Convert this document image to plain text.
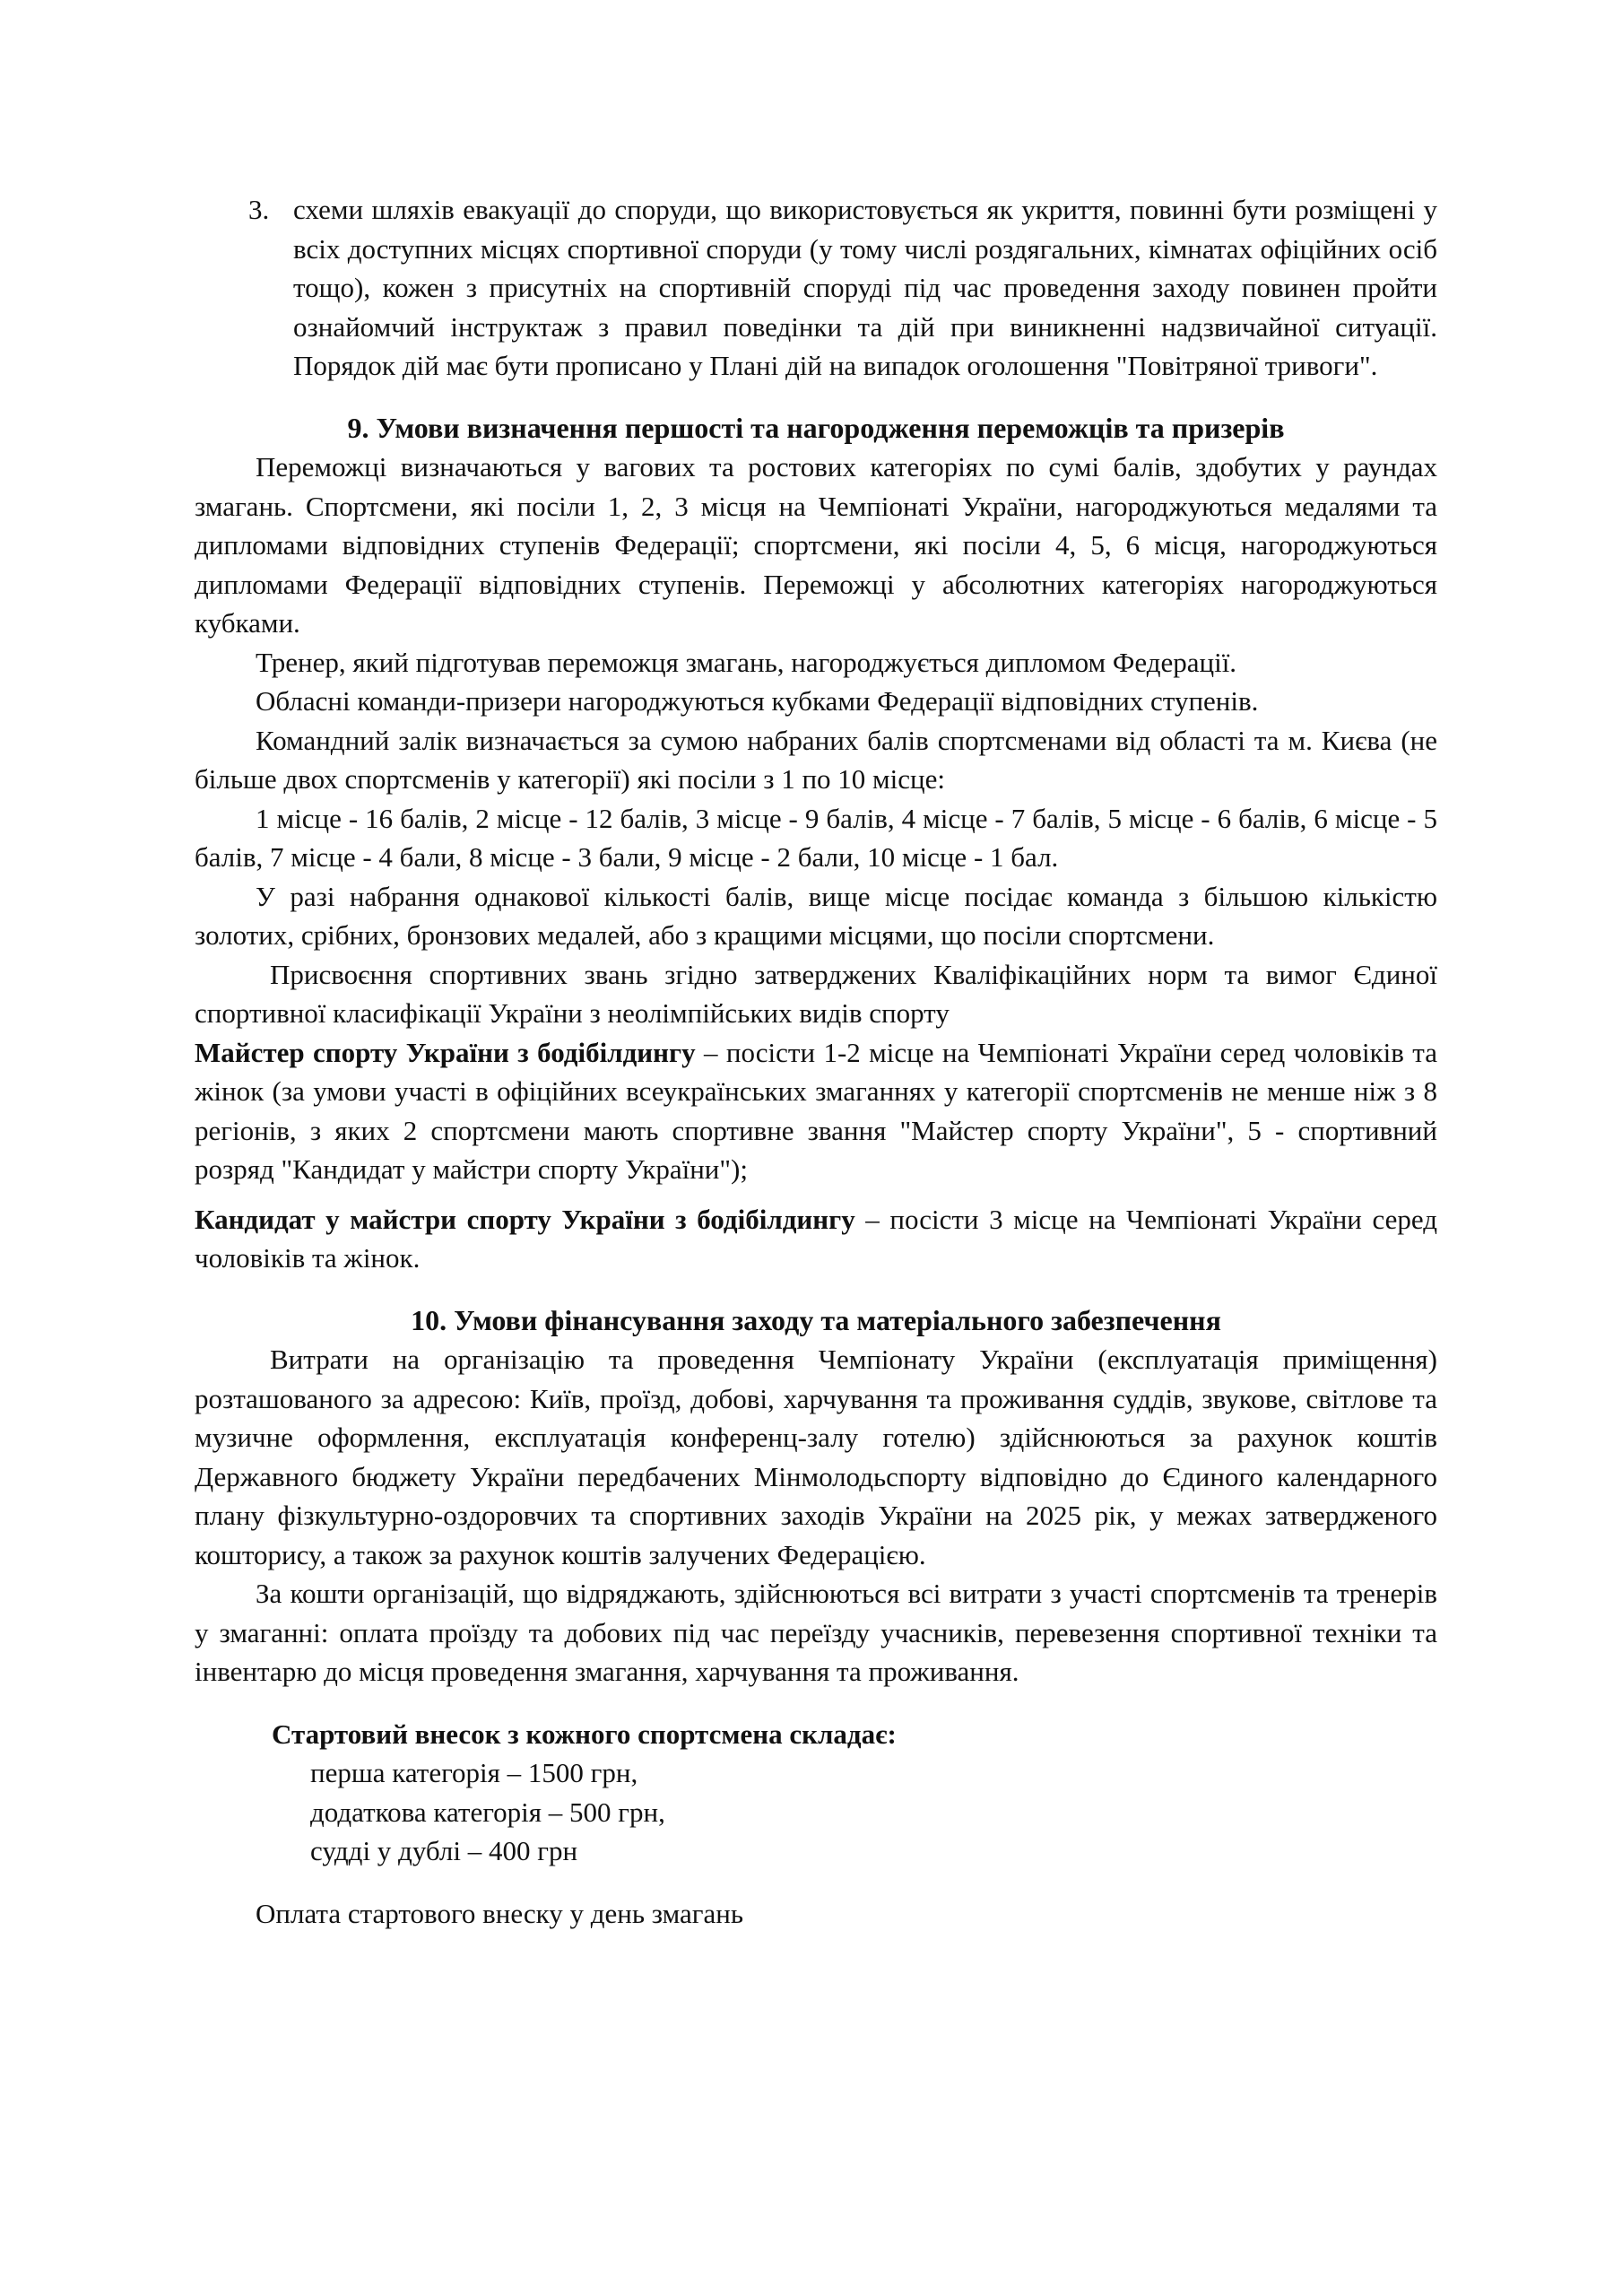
3. схеми шляхів евакуації до споруди, що використовується як укриття, повинні бути розміщені у всіх доступних місцях спортивної споруди (у тому числі роздягальних, кімнатах офіційних осіб тощо), кожен з присутніх на спортивній споруді під час проведення заходу повинен пройти ознайомчий інструктаж з правил поведінки та дій при виникненні надзвичайної ситуації. Порядок дій має бути прописано у Плані дій на випадок оголошення "Повітряної тривоги".

9. Умови визначення першості та нагородження переможців та призерів

Переможці визначаються у вагових та ростових категоріях по сумі балів, здобутих у раундах змагань. Спортсмени, які посіли 1, 2, 3 місця на Чемпіонаті України, нагороджуються медалями та дипломами відповідних ступенів Федерації; спортсмени, які посіли 4, 5, 6 місця, нагороджуються дипломами Федерації відповідних ступенів. Переможці у абсолютних категоріях нагороджуються кубками.

Тренер, який підготував переможця змагань, нагороджується дипломом Федерації.

Обласні команди-призери нагороджуються кубками Федерації відповідних ступенів.

Командний залік визначається за сумою набраних балів спортсменами від області та м. Києва (не більше двох спортсменів у категорії) які посіли з 1 по 10 місце:

1 місце - 16 балів, 2 місце - 12 балів, 3 місце - 9 балів, 4 місце - 7 балів, 5 місце - 6 балів, 6 місце - 5 балів, 7 місце - 4 бали, 8 місце - 3 бали, 9 місце - 2 бали, 10 місце - 1 бал.

У разі набрання однакової кількості балів, вище місце посідає команда з більшою кількістю золотих, срібних, бронзових медалей, або з кращими місцями, що посіли спортсмени.

Присвоєння спортивних звань згідно затверджених Кваліфікаційних норм та вимог Єдиної спортивної класифікації України з неолімпійських видів спорту

Майстер спорту України з бодібілдингу – посісти 1-2 місце на Чемпіонаті України серед чоловіків та жінок (за умови участі в офіційних всеукраїнських змаганнях у категорії спортсменів не менше ніж з 8 регіонів, з яких 2 спортсмени мають спортивне звання "Майстер спорту України", 5 - спортивний розряд "Кандидат у майстри спорту України");

Кандидат у майстри спорту України з бодібілдингу – посісти 3 місце на Чемпіонаті України серед чоловіків та жінок.

10. Умови фінансування заходу та матеріального забезпечення

Витрати на організацію та проведення Чемпіонату України (експлуатація приміщення) розташованого за адресою: Київ, проїзд, добові, харчування та проживання суддів, звукове, світлове та музичне оформлення, експлуатація конференц-залу готелю) здійснюються за рахунок коштів Державного бюджету України передбачених Мінмолодьспорту відповідно до Єдиного календарного плану фізкультурно-оздоровчих та спортивних заходів України на 2025 рік, у межах затвердженого кошторису, а також за рахунок коштів залучених Федерацією.

За кошти організацій, що відряджають, здійснюються всі витрати з участі спортсменів та тренерів у змаганні: оплата проїзду та добових під час переїзду учасників, перевезення спортивної техніки та інвентарю до місця проведення змагання, харчування та проживання.

Стартовий внесок з кожного спортсмена складає:

перша категорія – 1500 грн,

додаткова категорія – 500 грн,

судді у дублі – 400 грн

Оплата стартового внеску у день змагань
